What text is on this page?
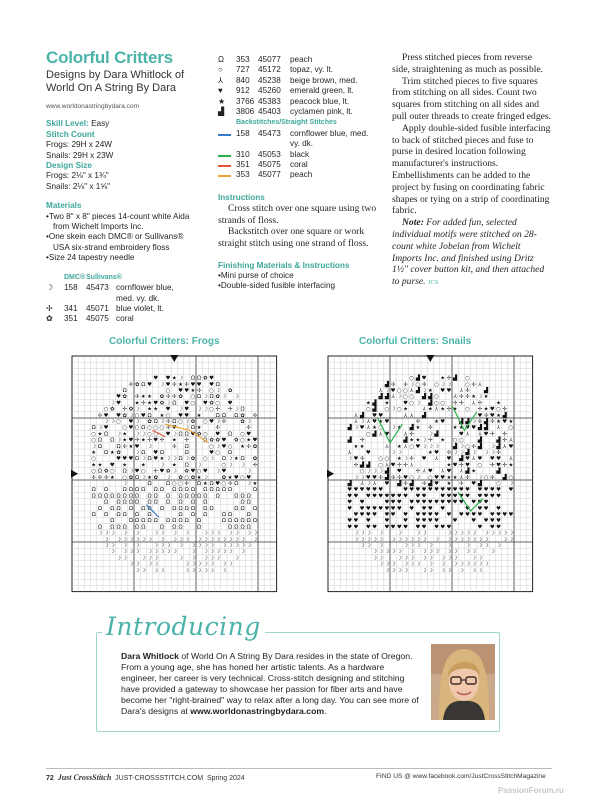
Colorful Critters
Designs by Dara Whitlock of World On A String By Dara
www.worldonastringbydara.com
Skill Level: Easy
Stitch Count
Frogs: 29H x 24W
Snails: 29H x 23W
Design Size
Frogs: 2⅛" x 1¾"
Snails: 2⅛" x 1⅝"
Materials
• Two 8" x 8" pieces 14-count white Aida from Wichelt Imports Inc.
• One skein each DMC® or Sullivans® USA six-strand embroidery floss
• Size 24 tapestry needle
DMC® Sullivans®
☽	158	45473 cornflower blue, med. vy. dk.
✢	341	45071 blue violet, lt.
✿	351	45075 coral
Ω	353	45077	peach
○	727	45172	topaz, vy. lt.
⅄	840	45238	beige brown, med.
♥	912	45260	emerald green, lt.
★	3766 45383	peacock blue, lt.
▟	3806 45403	cyclamen pink, lt.
Backstitches/Straight Stitches
158	45473	cornflower blue, med. vy. dk.
310	45053	black
351	45075	coral
353	45077	peach
Instructions

Cross stitch over one square using two strands of floss.

Backstitch over one square or work straight stitch using one strand of floss.

Finishing Materials & Instructions
• Mini purse of choice
• Double-sided fusible interfacing

Press stitched pieces from reverse side, straightening as much as possible.

Trim stitched pieces to five squares from stitching on all sides. Count two squares from stitching on all sides and pull outer threads to create fringed edges.

Apply double-sided fusible interfacing to back of stitched pieces and fuse to purse in desired location following manufacturer's instructions. Embellishments can be added to the project by fusing on coordinating fabric shapes or tying on a strip of coordinating fabric.

Note: For added fun, selected individual motifs were stitched on 28-count white Jobelan from Wichelt Imports Inc. and finished using Dritz 1½" cover button kit, and then attached to purse. JCS

Colorful Critters: Frogs	Colorful Critters: Snails
♥ ♥ ★ ☽ Ω Ω ✿ ♥
✢ ✿ Ω ♥ ☽ ♥ ✢ ★ ✢ ♥ ♥ ♥ Ω
Ω	○ ♥ ♥ ★ ✢ ○ ☽ ✿
♥ ✿ ✢ ★ ★ ✿ ✢ ✢ ✿ ○ Ω ☽ Ω ✿ ☽ ☽
☽ ♥	★ ✢ ★ ♥ ✿ ☽ Ω ♥ ○ ♥ ✿ ○ ♥
○ ✿ ✢ ✿ ☽ ★ ★ ♥ ☽ ♥ ☽ ☽ ○ ✢ ✢ ☽ Ω
✢ ♥ ♥ ✿ ☽ ○ ♥ Ω ★ ○ ♥ ♥ ★	Ω Ω Ω ✿ ✢
☽ ☽ ○ ♥ ☽ ✿ Ω ☽ ✢ Ω ○ ☽ ✿ ○ ♥ ☽ ✢	✿ ☽
Ω ☽ ♥	○ ♥ ○ Ω ○ ○ ○ ✢ ♥ ☽ Ω ★	✢	✢
○ ★ Ω ☽ ★ ☽ ☽ ○ ○ ♥ ☽ Ω Ω ♥ ✿ ○ ♥ Ω ○ ♥
○ Ω Ω ☽ ★ ♥ ✢ ★ ✢ ♥ ✢ ★ ✢	Ω ✿ ✿ ♥ ✿ ○ ★ ♥
☽ Ω	Ω ✢ ★ ♥ ☽	✢ Ω	○ ☽ ♥ ○ ★ ✢ ✿
★ Ω ★ ✿	☽ Ω ♥ Ω	Ω	♥ ○ Ω
○	♥ ♥ ♥ Ω ☽ Ω ♥ ★ ☽ ☽ Ω ☽ ✿ ○ ☽ Ω ☽ ★ Ω ✿
★ ★ ♥ ★	★	☽ ★ Ω ☽	○ ☽ ☽ ✢
○ Ω ✿ ○ Ω ☽ ♥ ○ ✢ ♥ ✿ ☽ ✿ ♥ ○ ♥ ☽ ♥	☽
✢ ✢ ✢ ★ ○ ✿ Ω ☽ ★ ✿ ☽ ✿ ○ ✿ ★ ☽	✿ ★ ♥ ○ ♥
☽	Ω	Ω ○ ○ ✢ Ω ★ Ω ♥ ○ ✢ Ω ☽ ★
Ω Ω	Ω Ω Ω Ω Ω Ω Ω Ω Ω Ω Ω Ω Ω Ω Ω	Ω
Ω Ω Ω Ω Ω Ω Ω Ω Ω Ω Ω Ω Ω Ω Ω Ω Ω	Ω Ω Ω
Ω Ω Ω Ω Ω Ω Ω Ω Ω Ω Ω	Ω Ω
Ω Ω Ω Ω Ω Ω Ω Ω Ω Ω Ω Ω Ω	Ω Ω Ω
Ω Ω Ω Ω Ω Ω	Ω Ω Ω	Ω Ω	Ω
Ω	Ω Ω Ω Ω Ω Ω Ω Ω Ω Ω	Ω Ω Ω Ω Ω Ω
Ω Ω Ω Ω Ω Ω	Ω Ω Ω	Ω	Ω Ω Ω Ω
☽ ☽ ☽ ☽ ☽	☽ ☽ ☽ ☽	☽ ☽ ☽ ☽ ☽ ☽ ☽
☽ ☽ ☽ ☽ ☽ ☽ ☽ ☽ ☽ ☽ ☽ ☽ ☽ ☽ ☽ ☽ ☽ ☽ ☽ ☽
☽ ☽ ☽ ☽	☽ ☽ ☽ ☽ ☽ ☽ ☽ ☽ ☽ ☽ ☽ ☽ ☽
☽ ☽ ☽ ☽ ☽ ☽ ☽ ☽ ☽	☽ ☽ ☽ ☽ ☽ ☽ ☽
☽ ☽	☽ ☽ ☽	☽ ☽ ☽ ☽ ☽	☽
☽ ☽ ☽ ☽	☽ ☽ ☽ ☽ ☽ ☽ ☽
☽ ☽ ☽ ☽	☽ ☽ ☽ ☽ ☽ ☽
○ ▟ ♥	★ ✢ ▟ ○
▟ ✢ ✢ ☽ ○ ✢ ○ ☽ ☽	○ ✢ ⅄
⅄ ☽ ♥ ○ ○ ⅄ ▟ ☽ ★ ♥ ♥ ⅄ ✢	▟
▟ ▟ ⅄ ☽ ○ ○ ▟ ▟ ○	⅄ ✢ ✢ ★ ☽ ★
★ ▟ ★	♥ ○ ☽ ▟ ○ ○ ✢ ✢ ⅄ ✢	★
○ ▟ ○ ☽ ○ ★	⅄ ★ ⅄ ★ ✢ ★ ○ ✢ ★ ♥ ○ ✢
⅄ ▟ ♥ ♥	⅄ ⅄ ▟	♥ ✢ ♥ ★ ▟
⅄ ☽ ⅄ ♥ ★ ♥	✢	★ ♥	▟ ▟ ☽ ✢ ▟ ✢ ★ ♥ ★
▟ ☽ ♥ ⅄ ★ ○ ☽ ★ ▟ ★ ✢	★ ★ ♥ ♥ ▟ ▟ ⅄ ○
○ ▟ ⅄ ♥	⅄ ✢	☽ ▟	♥ ⅄ ⅄ ♥ ✢ ✢
▟ ✢	▟ ★ ★ ☽ ✢ ★ ○ ○	▟	▟ ✢ ⅄
★ ★	⅄ ★ ⅄ ○ ♥ ☽ ☽ ☽	▟ ☽ ○ ✢ ▟ ☽ ▟ ⅄ ♥
⅄	♥	☽ ☽	★ ♥ ✢ ☽ ☽ ▟ ☽ ☽ ☽ ✢
☽ ♥ ✢	○ ○ ★ ☽ ✢ ♥ ⅄ ♥ ▟ ♥ ⅄ ♥ ♥ ♥ ⅄
✢ ▟ ▟ ○ ⅄ ♥ ✢ ✢ ⅄	★ ♥ ✢ ♥ ○ ✢ ♥ ✢ ★
○ ☽ ☽ ☽ ▟ ♥	✢ ⅄ ♥ ⅄ ♥ ⅄ ▟ ★	▟
☽ ☽ ♥ ♥ ✢ ▟ ✢ ✢ ♥ ○ ☽ ○ ♥ ♥ ★ ★ ⅄ ✢ ☽ ○ ✢ ▟ ○
▟ ⅄ ☽ ⅄ ♥ ▟ ✢ ▟ ✢ ▟ ♥ ★ ✢ ♥ ▟	○ ☽
♥ ♥ ♥ ♥ ♥ ♥	♥ ♥ ♥ ♥ ♥ ♥ ♥ ♥ ♥ ♥ ♥ ♥ ♥ ♥ ♥ ♥
♥ ♥ ♥ ♥ ♥ ♥ ♥ ♥ ♥ ♥ ♥	♥ ♥ ♥ ♥ ♥ ♥ ♥ ♥ ♥
♥ ♥	♥ ♥ ♥ ♥ ♥ ♥ ♥ ♥ ♥ ♥ ♥ ♥ ♥ ♥ ♥
♥ ♥ ♥ ♥ ♥ ♥ ♥ ♥ ♥ ♥ ♥ ♥	♥ ♥ ♥ ♥
♥ ♥ ♥ ♥ ♥ ♥ ♥ ♥ ♥ ♥ ♥ ♥ ♥ ♥ ♥ ♥ ♥ ♥ ♥ ♥
♥ ♥ ♥	♥	♥ ♥ ♥ ♥ ♥	♥	♥ ♥ ♥ ♥
♥ ♥ ♥ ♥ ♥ ♥ ♥ ♥ ♥ ♥ ♥ ♥ ♥	♥ ♥ ♥
☽ ☽ ☽ ☽	☽	☽ ☽	☽ ☽ ☽ ☽ ☽ ☽ ☽ ☽ ☽ ☽
☽ ☽ ☽ ☽ ☽ ☽ ☽ ☽ ☽ ☽ ☽ ☽ ☽ ☽ ☽ ☽ ☽ ☽ ☽	☽ ☽
☽ ☽ ☽	☽ ☽ ☽ ☽	☽	☽ ☽ ☽ ☽
☽ ☽ ☽ ☽ ☽ ☽ ☽ ☽ ☽ ☽ ☽ ☽ ☽	☽
☽ ☽	☽ ☽ ☽ ☽ ☽ ☽ ☽ ☽	☽ ☽
☽ ☽ ☽ ☽ ☽ ☽ ☽ ☽ ☽ ☽ ☽ ☽ ☽ ☽
☽ ☽ ☽ ☽	☽ ☽ ☽ ☽ ☽ ☽ ☽
Introducing
Dara Whitlock of World On A String By Dara resides in the state of Oregon. From a young age, she has honed her artistic talents. As a hardware engineer, her career is very technical. Cross-stitch designing and stitching have provided a gateway to showcase her passion for fiber arts and have become her "right-brained" way to relax after a long day. You can see more of Dara's designs at www.worldonastringbydara.com.
72 Just CrossStitch JUST-CROSSSTITCH.COM Spring 2024	FIND US @ www.facebook.com/JustCrossStitchMagazine
PassionForum.ru
